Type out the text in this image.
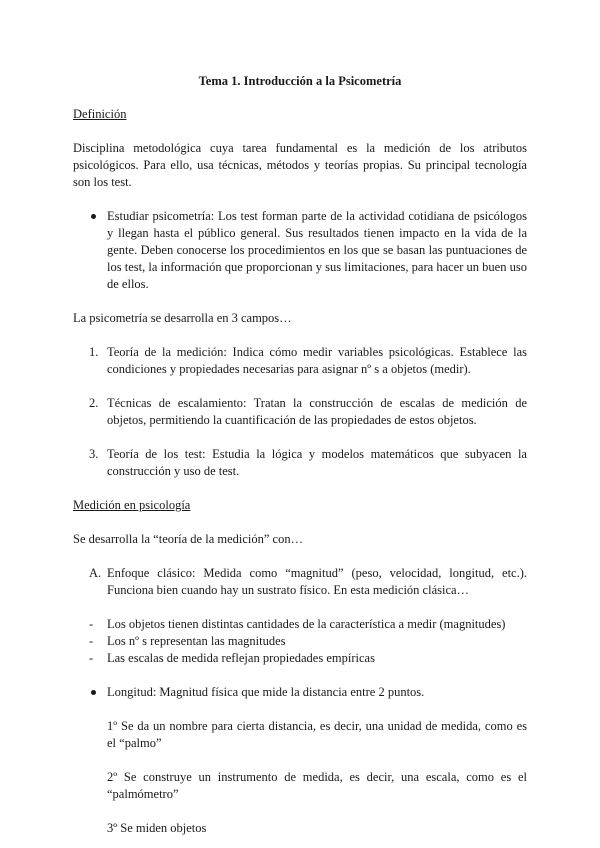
Tema 1. Introducción a la Psicometría

Definición

Disciplina metodológica cuya tarea fundamental es la medición de los atributos psicológicos. Para ello, usa técnicas, métodos y teorías propias. Su principal tecnología son los test.

Estudiar psicometría: Los test forman parte de la actividad cotidiana de psicólogos y llegan hasta el público general. Sus resultados tienen impacto en la vida de la gente. Deben conocerse los procedimientos en los que se basan las puntuaciones de los test, la información que proporcionan y sus limitaciones, para hacer un buen uso de ellos.

La psicometría se desarrolla en 3 campos…

1. Teoría de la medición: Indica cómo medir variables psicológicas. Establece las condiciones y propiedades necesarias para asignar nº s a objetos (medir).
2. Técnicas de escalamiento: Tratan la construcción de escalas de medición de objetos, permitiendo la cuantificación de las propiedades de estos objetos.
3. Teoría de los test: Estudia la lógica y modelos matemáticos que subyacen la construcción y uso de test.

Medición en psicología

Se desarrolla la “teoría de la medición” con…

A. Enfoque clásico: Medida como “magnitud” (peso, velocidad, longitud, etc.). Funciona bien cuando hay un sustrato físico. En esta medición clásica…
- Los objetos tienen distintas cantidades de la característica a medir (magnitudes)
- Los nº s representan las magnitudes
- Las escalas de medida reflejan propiedades empíricas
Longitud: Magnitud física que mide la distancia entre 2 puntos.

1º Se da un nombre para cierta distancia, es decir, una unidad de medida, como es el “palmo”

2º Se construye un instrumento de medida, es decir, una escala, como es el “palmómetro”

3º Se miden objetos
